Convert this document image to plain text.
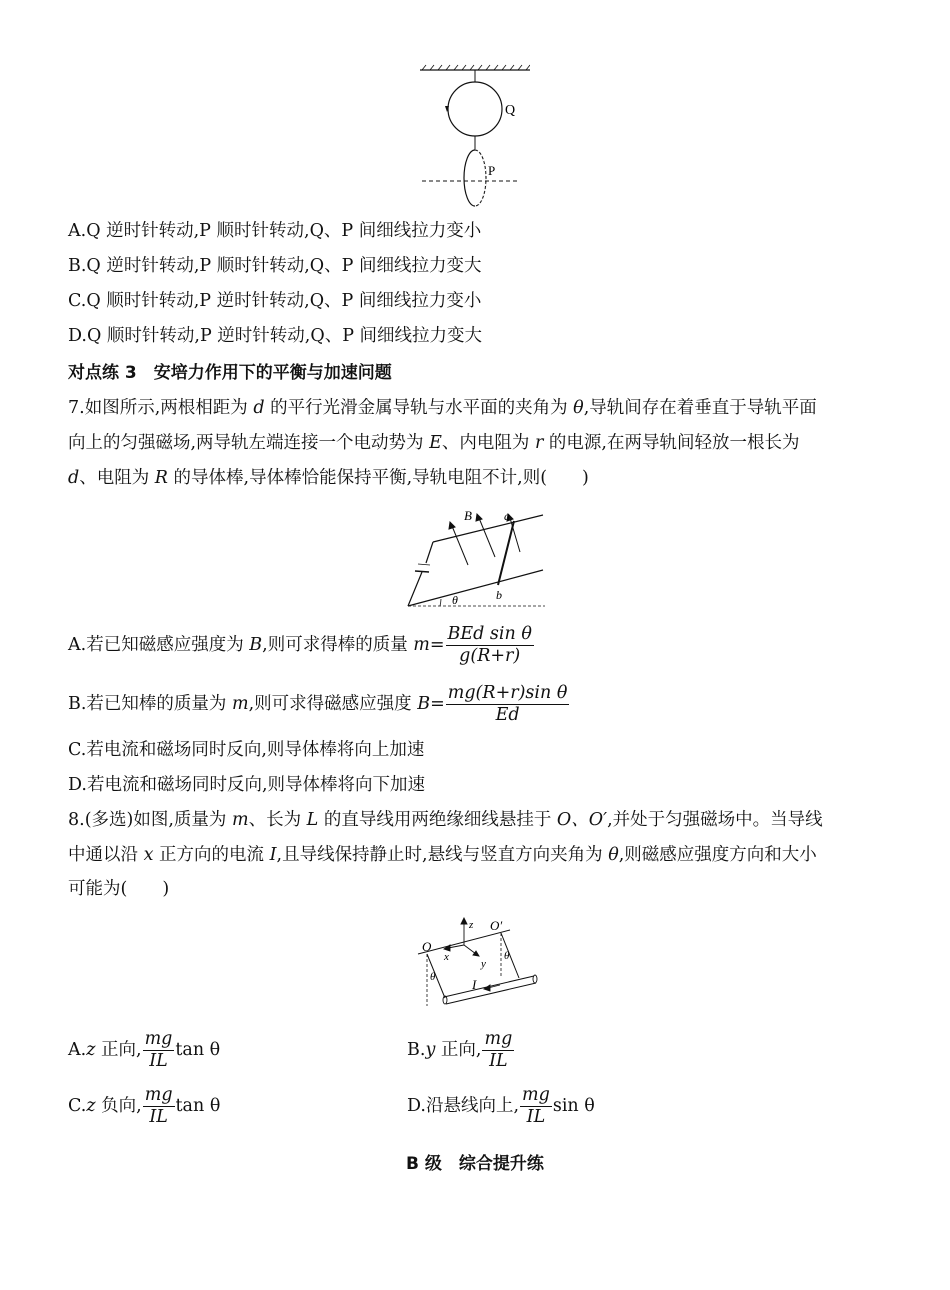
Q
P
A.Q 逆时针转动,P 顺时针转动,Q、P 间细线拉力变小
B.Q 逆时针转动,P 顺时针转动,Q、P 间细线拉力变大
C.Q 顺时针转动,P 逆时针转动,Q、P 间细线拉力变小
D.Q 顺时针转动,P 逆时针转动,Q、P 间细线拉力变大
对点练 3　安培力作用下的平衡与加速问题
7.如图所示,两根相距为 d 的平行光滑金属导轨与水平面的夹角为 θ,导轨间存在着垂直于导轨平面
向上的匀强磁场,两导轨左端连接一个电动势为 E、内电阻为 r 的电源,在两导轨间轻放一根长为
d、电阻为 R 的导体棒,导体棒恰能保持平衡,导轨电阻不计,则(　　)
B	a
b
θ
A.若已知磁感应强度为 B,则可求得棒的质量 $m= \frac{\text{BEd sin θ}}{g(R+r)}$
B.若已知棒的质量为 m,则可求得磁感应强度 $B= \frac{\text{mg(R+r)sin θ}}{Ed}$
C.若电流和磁场同时反向,则导体棒将向上加速
D.若电流和磁场同时反向,则导体棒将向下加速
8.(多选)如图,质量为 m、长为 L 的直导线用两绝缘细线悬挂于 O、O′,并处于匀强磁场中。当导线
中通以沿 x 正方向的电流 I,且导线保持静止时,悬线与竖直方向夹角为 θ,则磁感应强度方向和大小
可能为(　　)
O
O′
z
x
y
I
θ
θ
A.z 正向, $\frac{mg}{IL}$ tan θ	B.y 正向, $\frac{mg}{IL}$
C.z 负向, $\frac{mg}{IL}$ tan θ	D.沿悬线向上, $\frac{mg}{IL}$ sin θ
B 级　综合提升练
